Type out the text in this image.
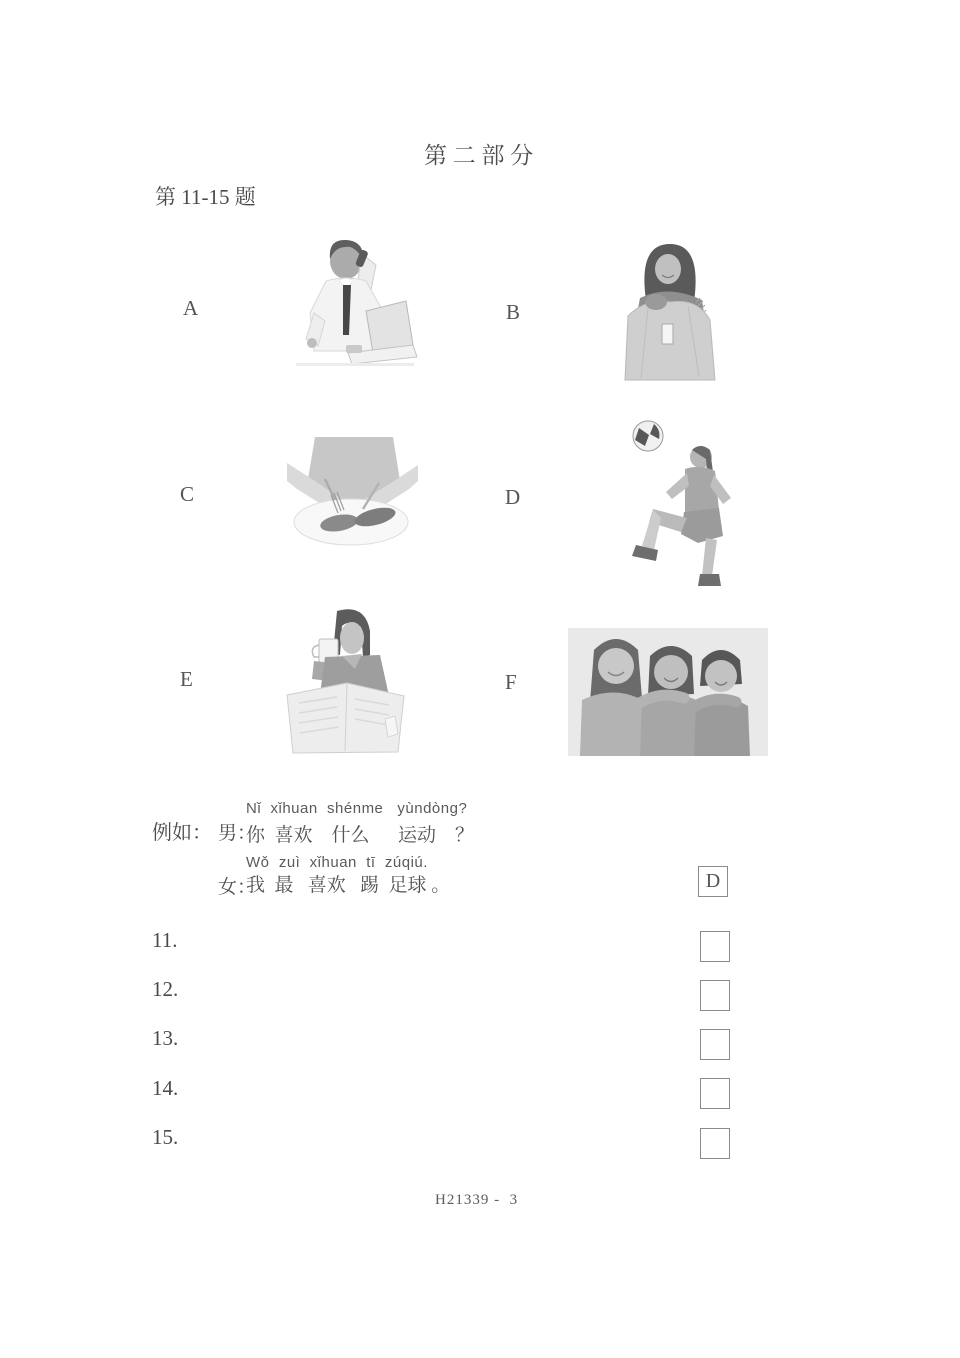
第 二 部 分
第 11-15 题
A	B
C	D
E	F
例如： 男：
Nǐ  xǐhuan  shénme   yùndòng?
你  喜欢    什么      运动    ？
Wǒ  zuì  xǐhuan  tī  zúqiú.
女：
我  最   喜欢   踢  足球 。	D
11.
12.
13.
14.
15.
H21339 -  3
